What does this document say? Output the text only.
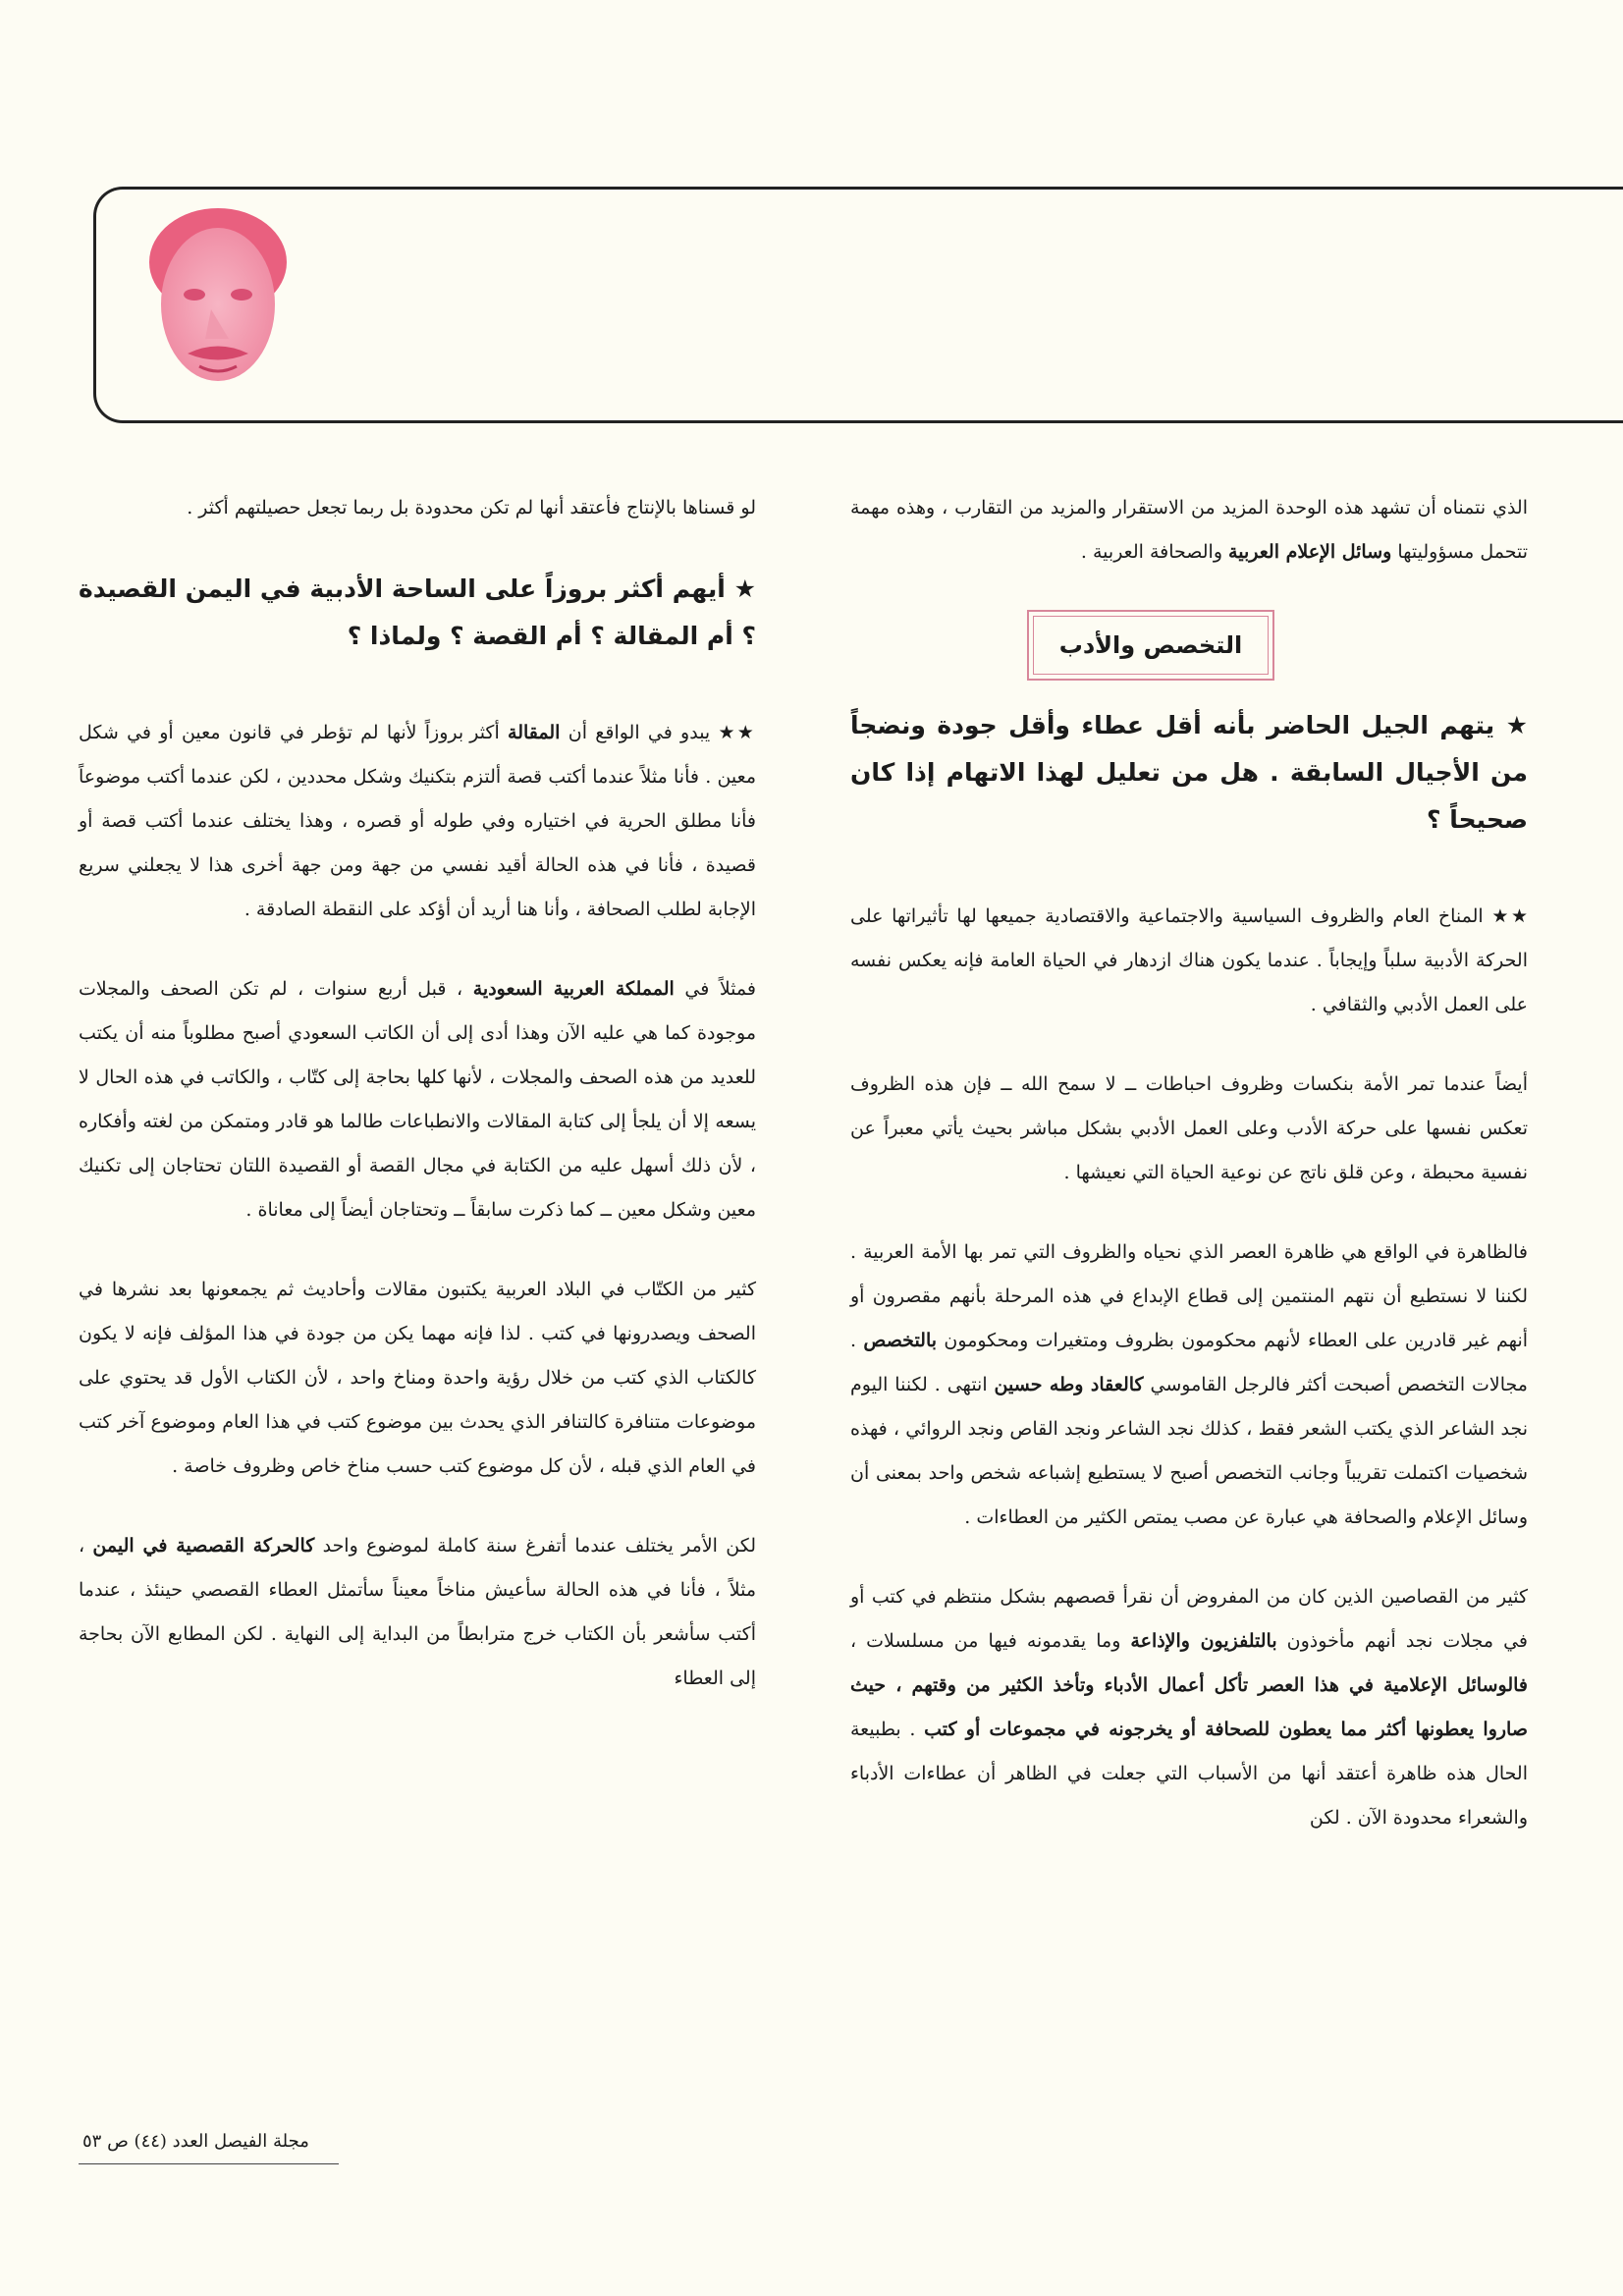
الذي نتمناه أن تشهد هذه الوحدة المزيد من الاستقرار والمزيد من التقارب ، وهذه مهمة تتحمل مسؤوليتها وسائل الإعلام العربية والصحافة العربية .

التخصص والأدب
★ يتهم الجيل الحاضر بأنه أقل عطاء وأقل جودة ونضجاً من الأجيال السابقة . هل من تعليل لهذا الاتهام إذا كان صحيحاً ؟

★★ المناخ العام والظروف السياسية والاجتماعية والاقتصادية جميعها لها تأثيراتها على الحركة الأدبية سلباً وإيجاباً . عندما يكون هناك ازدهار في الحياة العامة فإنه يعكس نفسه على العمل الأدبي والثقافي .

أيضاً عندما تمر الأمة بنكسات وظروف احباطات ــ لا سمح الله ــ فإن هذه الظروف تعكس نفسها على حركة الأدب وعلى العمل الأدبي بشكل مباشر بحيث يأتي معبراً عن نفسية محبطة ، وعن قلق ناتج عن نوعية الحياة التي نعيشها .

فالظاهرة في الواقع هي ظاهرة العصر الذي نحياه والظروف التي تمر بها الأمة العربية . لكننا لا نستطيع أن نتهم المنتمين إلى قطاع الإبداع في هذه المرحلة بأنهم مقصرون أو أنهم غير قادرين على العطاء لأنهم محكومون بظروف ومتغيرات ومحكومون بالتخصص . مجالات التخصص أصبحت أكثر فالرجل القاموسي كالعقاد وطه حسين انتهى . لكننا اليوم نجد الشاعر الذي يكتب الشعر فقط ، كذلك نجد الشاعر ونجد القاص ونجد الروائي ، فهذه شخصيات اكتملت تقريباً وجانب التخصص أصبح لا يستطيع إشباعه شخص واحد بمعنى أن وسائل الإعلام والصحافة هي عبارة عن مصب يمتص الكثير من العطاءات .

كثير من القصاصين الذين كان من المفروض أن نقرأ قصصهم بشكل منتظم في كتب أو في مجلات نجد أنهم مأخوذون بالتلفزيون والإذاعة وما يقدمونه فيها من مسلسلات ، فالوسائل الإعلامية في هذا العصر تأكل أعمال الأدباء وتأخذ الكثير من وقتهم ، حيث صاروا يعطونها أكثر مما يعطون للصحافة أو يخرجونه في مجموعات أو كتب . بطبيعة الحال هذه ظاهرة أعتقد أنها من الأسباب التي جعلت في الظاهر أن عطاءات الأدباء والشعراء محدودة الآن . لكن

لو قسناها بالإنتاج فأعتقد أنها لم تكن محدودة بل ربما تجعل حصيلتهم أكثر .

★ أيهم أكثر بروزاً على الساحة الأدبية في اليمن القصيدة ؟ أم المقالة ؟ أم القصة ؟ ولماذا ؟

★★ يبدو في الواقع أن المقالة أكثر بروزاً لأنها لم تؤطر في قانون معين أو في شكل معين . فأنا مثلاً عندما أكتب قصة ألتزم بتكنيك وشكل محددين ، لكن عندما أكتب موضوعاً فأنا مطلق الحرية في اختياره وفي طوله أو قصره ، وهذا يختلف عندما أكتب قصة أو قصيدة ، فأنا في هذه الحالة أقيد نفسي من جهة ومن جهة أخرى هذا لا يجعلني سريع الإجابة لطلب الصحافة ، وأنا هنا أريد أن أؤكد على النقطة الصادقة .

فمثلاً في المملكة العربية السعودية ، قبل أربع سنوات ، لم تكن الصحف والمجلات موجودة كما هي عليه الآن وهذا أدى إلى أن الكاتب السعودي أصبح مطلوباً منه أن يكتب للعديد من هذه الصحف والمجلات ، لأنها كلها بحاجة إلى كتّاب ، والكاتب في هذه الحال لا يسعه إلا أن يلجأ إلى كتابة المقالات والانطباعات طالما هو قادر ومتمكن من لغته وأفكاره ، لأن ذلك أسهل عليه من الكتابة في مجال القصة أو القصيدة اللتان تحتاجان إلى تكنيك معين وشكل معين ــ كما ذكرت سابقاً ــ وتحتاجان أيضاً إلى معاناة .

كثير من الكتّاب في البلاد العربية يكتبون مقالات وأحاديث ثم يجمعونها بعد نشرها في الصحف ويصدرونها في كتب . لذا فإنه مهما يكن من جودة في هذا المؤلف فإنه لا يكون كالكتاب الذي كتب من خلال رؤية واحدة ومناخ واحد ، لأن الكتاب الأول قد يحتوي على موضوعات متنافرة كالتنافر الذي يحدث بين موضوع كتب في هذا العام وموضوع آخر كتب في العام الذي قبله ، لأن كل موضوع كتب حسب مناخ خاص وظروف خاصة .

لكن الأمر يختلف عندما أتفرغ سنة كاملة لموضوع واحد كالحركة القصصية في اليمن ، مثلاً ، فأنا في هذه الحالة سأعيش مناخاً معيناً سأتمثل العطاء القصصي حينئذ ، عندما أكتب سأشعر بأن الكتاب خرج مترابطاً من البداية إلى النهاية . لكن المطابع الآن بحاجة إلى العطاء

مجلة الفيصل العدد (٤٤) ص ٥٣
